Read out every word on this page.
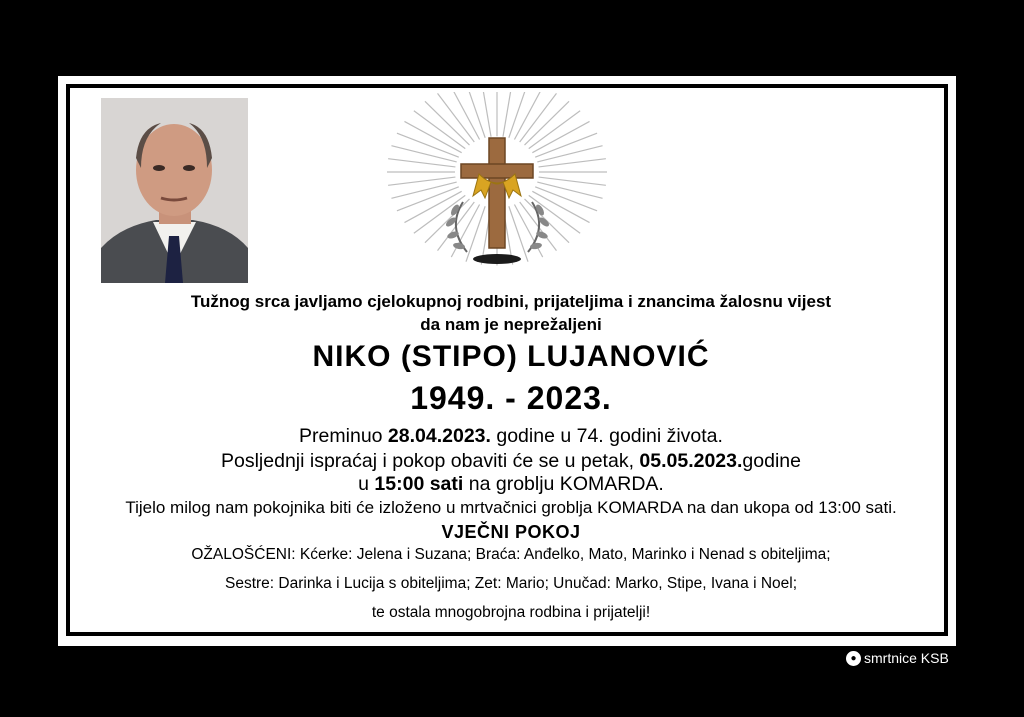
Tužnog srca javljamo cjelokupnoj rodbini, prijateljima i znancima žalosnu vijest
da nam je neprežaljeni
NIKO (STIPO) LUJANOVIĆ
1949. - 2023.
Preminuo 28.04.2023. godine u 74. godini života.
Posljednji ispraćaj i pokop obaviti će se u petak, 05.05.2023.godine
u 15:00 sati na groblju KOMARDA.
Tijelo milog nam pokojnika biti će izloženo u mrtvačnici groblja KOMARDA na dan ukopa od 13:00 sati.
VJEČNI POKOJ
OŽALOŠĆENI: Kćerke: Jelena i Suzana; Braća: Anđelko, Mato, Marinko i Nenad s obiteljima;
Sestre: Darinka i Lucija s obiteljima; Zet: Mario; Unučad: Marko, Stipe, Ivana i Noel;
te ostala mnogobrojna rodbina i prijatelji!
● smrtnice KSB
